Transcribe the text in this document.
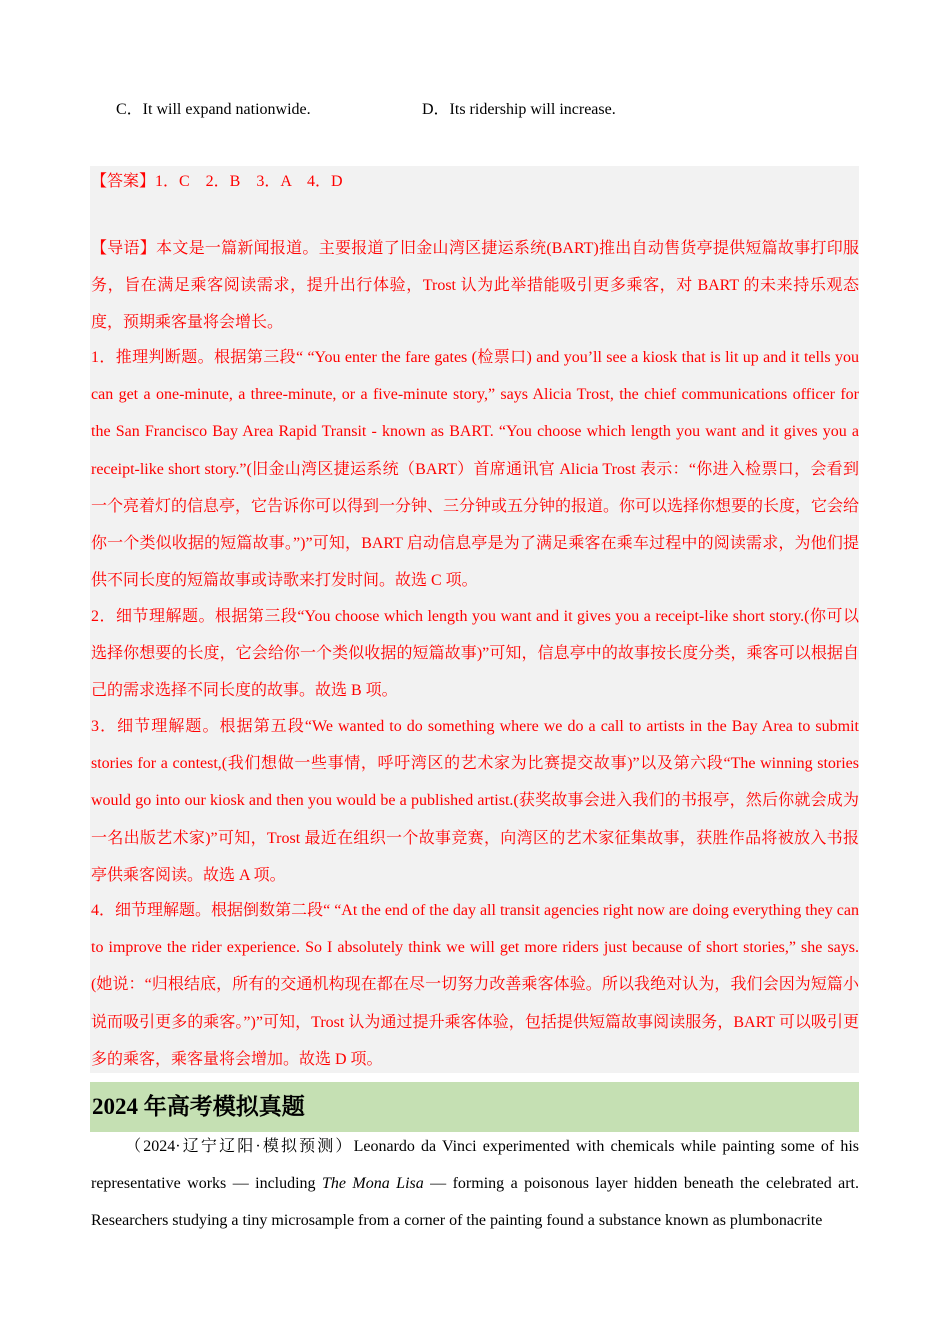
C．It will expand nationwide.	D．Its ridership will increase.
【答案】1．C　2．B　3．A　4．D
【导语】本文是一篇新闻报道。主要报道了旧金山湾区捷运系统(BART)推出自动售货亭提供短篇故事打印服务，旨在满足乘客阅读需求，提升出行体验，Trost 认为此举措能吸引更多乘客，对 BART 的未来持乐观态度，预期乘客量将会增长。
1．推理判断题。根据第三段“ “You enter the fare gates (检票口) and you’ll see a kiosk that is lit up and it tells you can get a one-minute, a three-minute, or a five-minute story,” says Alicia Trost, the chief communications officer for the San Francisco Bay Area Rapid Transit - known as BART. “You choose which length you want and it gives you a receipt-like short story.”(旧金山湾区捷运系统（BART）首席通讯官 Alicia Trost 表示：“你进入检票口，会看到一个亮着灯的信息亭，它告诉你可以得到一分钟、三分钟或五分钟的报道。你可以选择你想要的长度，它会给你一个类似收据的短篇故事。”)”可知，BART 启动信息亭是为了满足乘客在乘车过程中的阅读需求，为他们提供不同长度的短篇故事或诗歌来打发时间。故选 C 项。
2．细节理解题。根据第三段“You choose which length you want and it gives you a receipt-like short story.(你可以选择你想要的长度，它会给你一个类似收据的短篇故事)”可知，信息亭中的故事按长度分类，乘客可以根据自己的需求选择不同长度的故事。故选 B 项。
3．细节理解题。根据第五段“We wanted to do something where we do a call to artists in the Bay Area to submit stories for a contest,(我们想做一些事情，呼吁湾区的艺术家为比赛提交故事)”以及第六段“The winning stories would go into our kiosk and then you would be a published artist.(获奖故事会进入我们的书报亭，然后你就会成为一名出版艺术家)”可知，Trost 最近在组织一个故事竞赛，向湾区的艺术家征集故事，获胜作品将被放入书报亭供乘客阅读。故选 A 项。
4．细节理解题。根据倒数第二段“ “At the end of the day all transit agencies right now are doing everything they can to improve the rider experience. So I absolutely think we will get more riders just because of short stories,” she says.(她说：“归根结底，所有的交通机构现在都在尽一切努力改善乘客体验。所以我绝对认为，我们会因为短篇小说而吸引更多的乘客。”)”可知，Trost 认为通过提升乘客体验，包括提供短篇故事阅读服务，BART 可以吸引更多的乘客，乘客量将会增加。故选 D 项。
2024 年高考模拟真题
（2024·辽宁辽阳·模拟预测）Leonardo da Vinci experimented with chemicals while painting some of his representative works — including The Mona Lisa — forming a poisonous layer hidden beneath the celebrated art. Researchers studying a tiny microsample from a corner of the painting found a substance known as plumbonacrite
